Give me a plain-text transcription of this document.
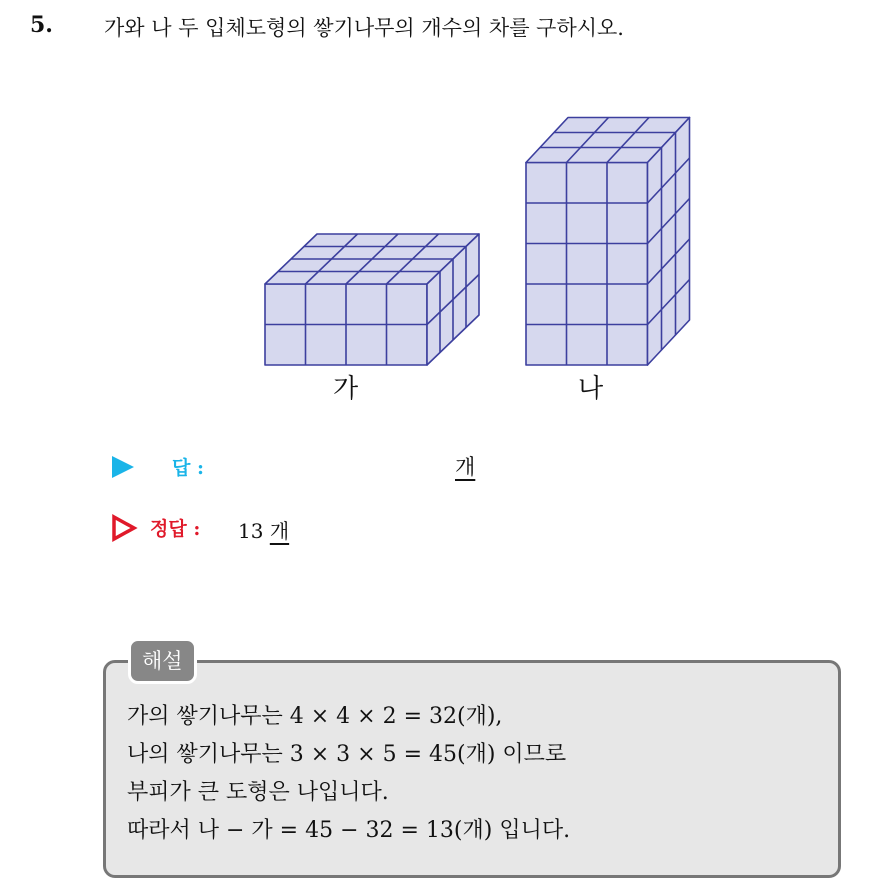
5. 가와 나 두 입체도형의 쌓기나무의 개수의 차를 구하시오.
가	나
답 :	개
정답 : 13 개
해설
가의 쌓기나무는 4 × 4 × 2 = 32(개),
나의 쌓기나무는 3 × 3 × 5 = 45(개) 이므로
부피가 큰 도형은 나입니다.
따라서 나 − 가 = 45 − 32 = 13(개) 입니다.
